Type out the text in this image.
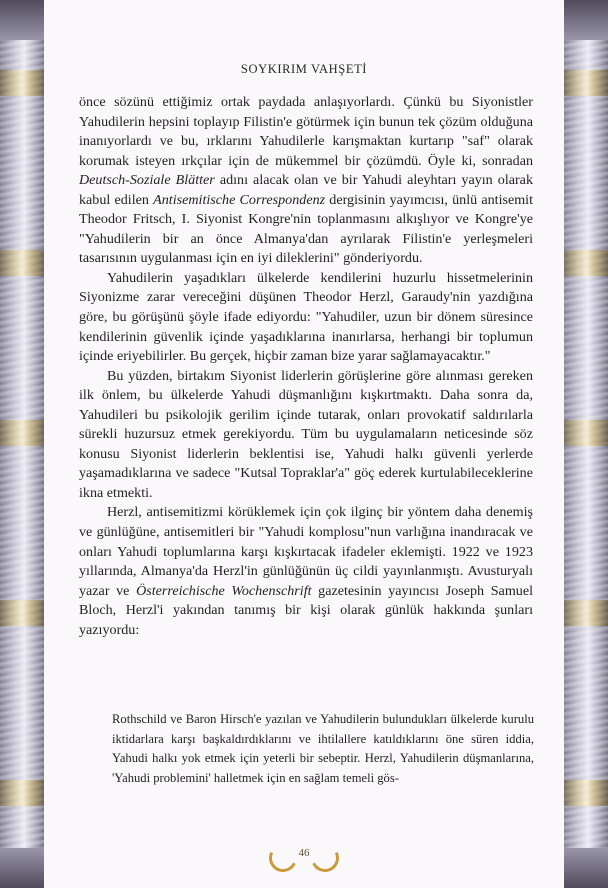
SOYKIRIM VAHŞETİ

önce sözünü ettiğimiz ortak paydada anlaşıyorlardı. Çünkü bu Siyonistler Yahudilerin hepsini toplayıp Filistin'e götürmek için bunun tek çözüm olduğuna inanıyorlardı ve bu, ırklarını Yahudilerle karışmaktan kurtarıp "saf" olarak korumak isteyen ırkçılar için de mükemmel bir çözümdü. Öyle ki, sonradan Deutsch-Soziale Blätter adını alacak olan ve bir Yahudi aleyhtarı yayın olarak kabul edilen Antisemitische Correspondenz dergisinin yayımcısı, ünlü antisemit Theodor Fritsch, I. Siyonist Kongre'nin toplanmasını alkışlıyor ve Kongre'ye "Yahudilerin bir an önce Almanya'dan ayrılarak Filistin'e yerleşmeleri tasarısının uygulanması için en iyi dileklerini" gönderiyordu.

Yahudilerin yaşadıkları ülkelerde kendilerini huzurlu hissetmelerinin Siyonizme zarar vereceğini düşünen Theodor Herzl, Garaudy'nin yazdığına göre, bu görüşünü şöyle ifade ediyordu: "Yahudiler, uzun bir dönem süresince kendilerinin güvenlik içinde yaşadıklarına inanırlarsa, herhangi bir toplumun içinde eriyebilirler. Bu gerçek, hiçbir zaman bize yarar sağlamayacaktır."

Bu yüzden, birtakım Siyonist liderlerin görüşlerine göre alınması gereken ilk önlem, bu ülkelerde Yahudi düşmanlığını kışkırtmaktı. Daha sonra da, Yahudileri bu psikolojik gerilim içinde tutarak, onları provokatif saldırılarla sürekli huzursuz etmek gerekiyordu. Tüm bu uygulamaların neticesinde söz konusu Siyonist liderlerin beklentisi ise, Yahudi halkı güvenli yerlerde yaşamadıklarına ve sadece "Kutsal Topraklar'a" göç ederek kurtulabileceklerine ikna etmekti.

Herzl, antisemitizmi körüklemek için çok ilginç bir yöntem daha denemiş ve günlüğüne, antisemitleri bir "Yahudi komplosu"nun varlığına inandıracak ve onları Yahudi toplumlarına karşı kışkırtacak ifadeler eklemişti. 1922 ve 1923 yıllarında, Almanya'da Herzl'in günlüğünün üç cildi yayınlanmıştı. Avusturyalı yazar ve Österreichische Wochenschrift gazetesinin yayıncısı Joseph Samuel Bloch, Herzl'i yakından tanımış bir kişi olarak günlük hakkında şunları yazıyordu:

Rothschild ve Baron Hirsch'e yazılan ve Yahudilerin bulundukları ülkelerde kurulu iktidarlara karşı başkaldırdıklarını ve ihtilallere katıldıklarını öne süren iddia, Yahudi halkı yok etmek için yeterli bir sebeptir. Herzl, Yahudilerin düşmanlarına, 'Yahudi problemini' halletmek için en sağlam temeli gös-
46
